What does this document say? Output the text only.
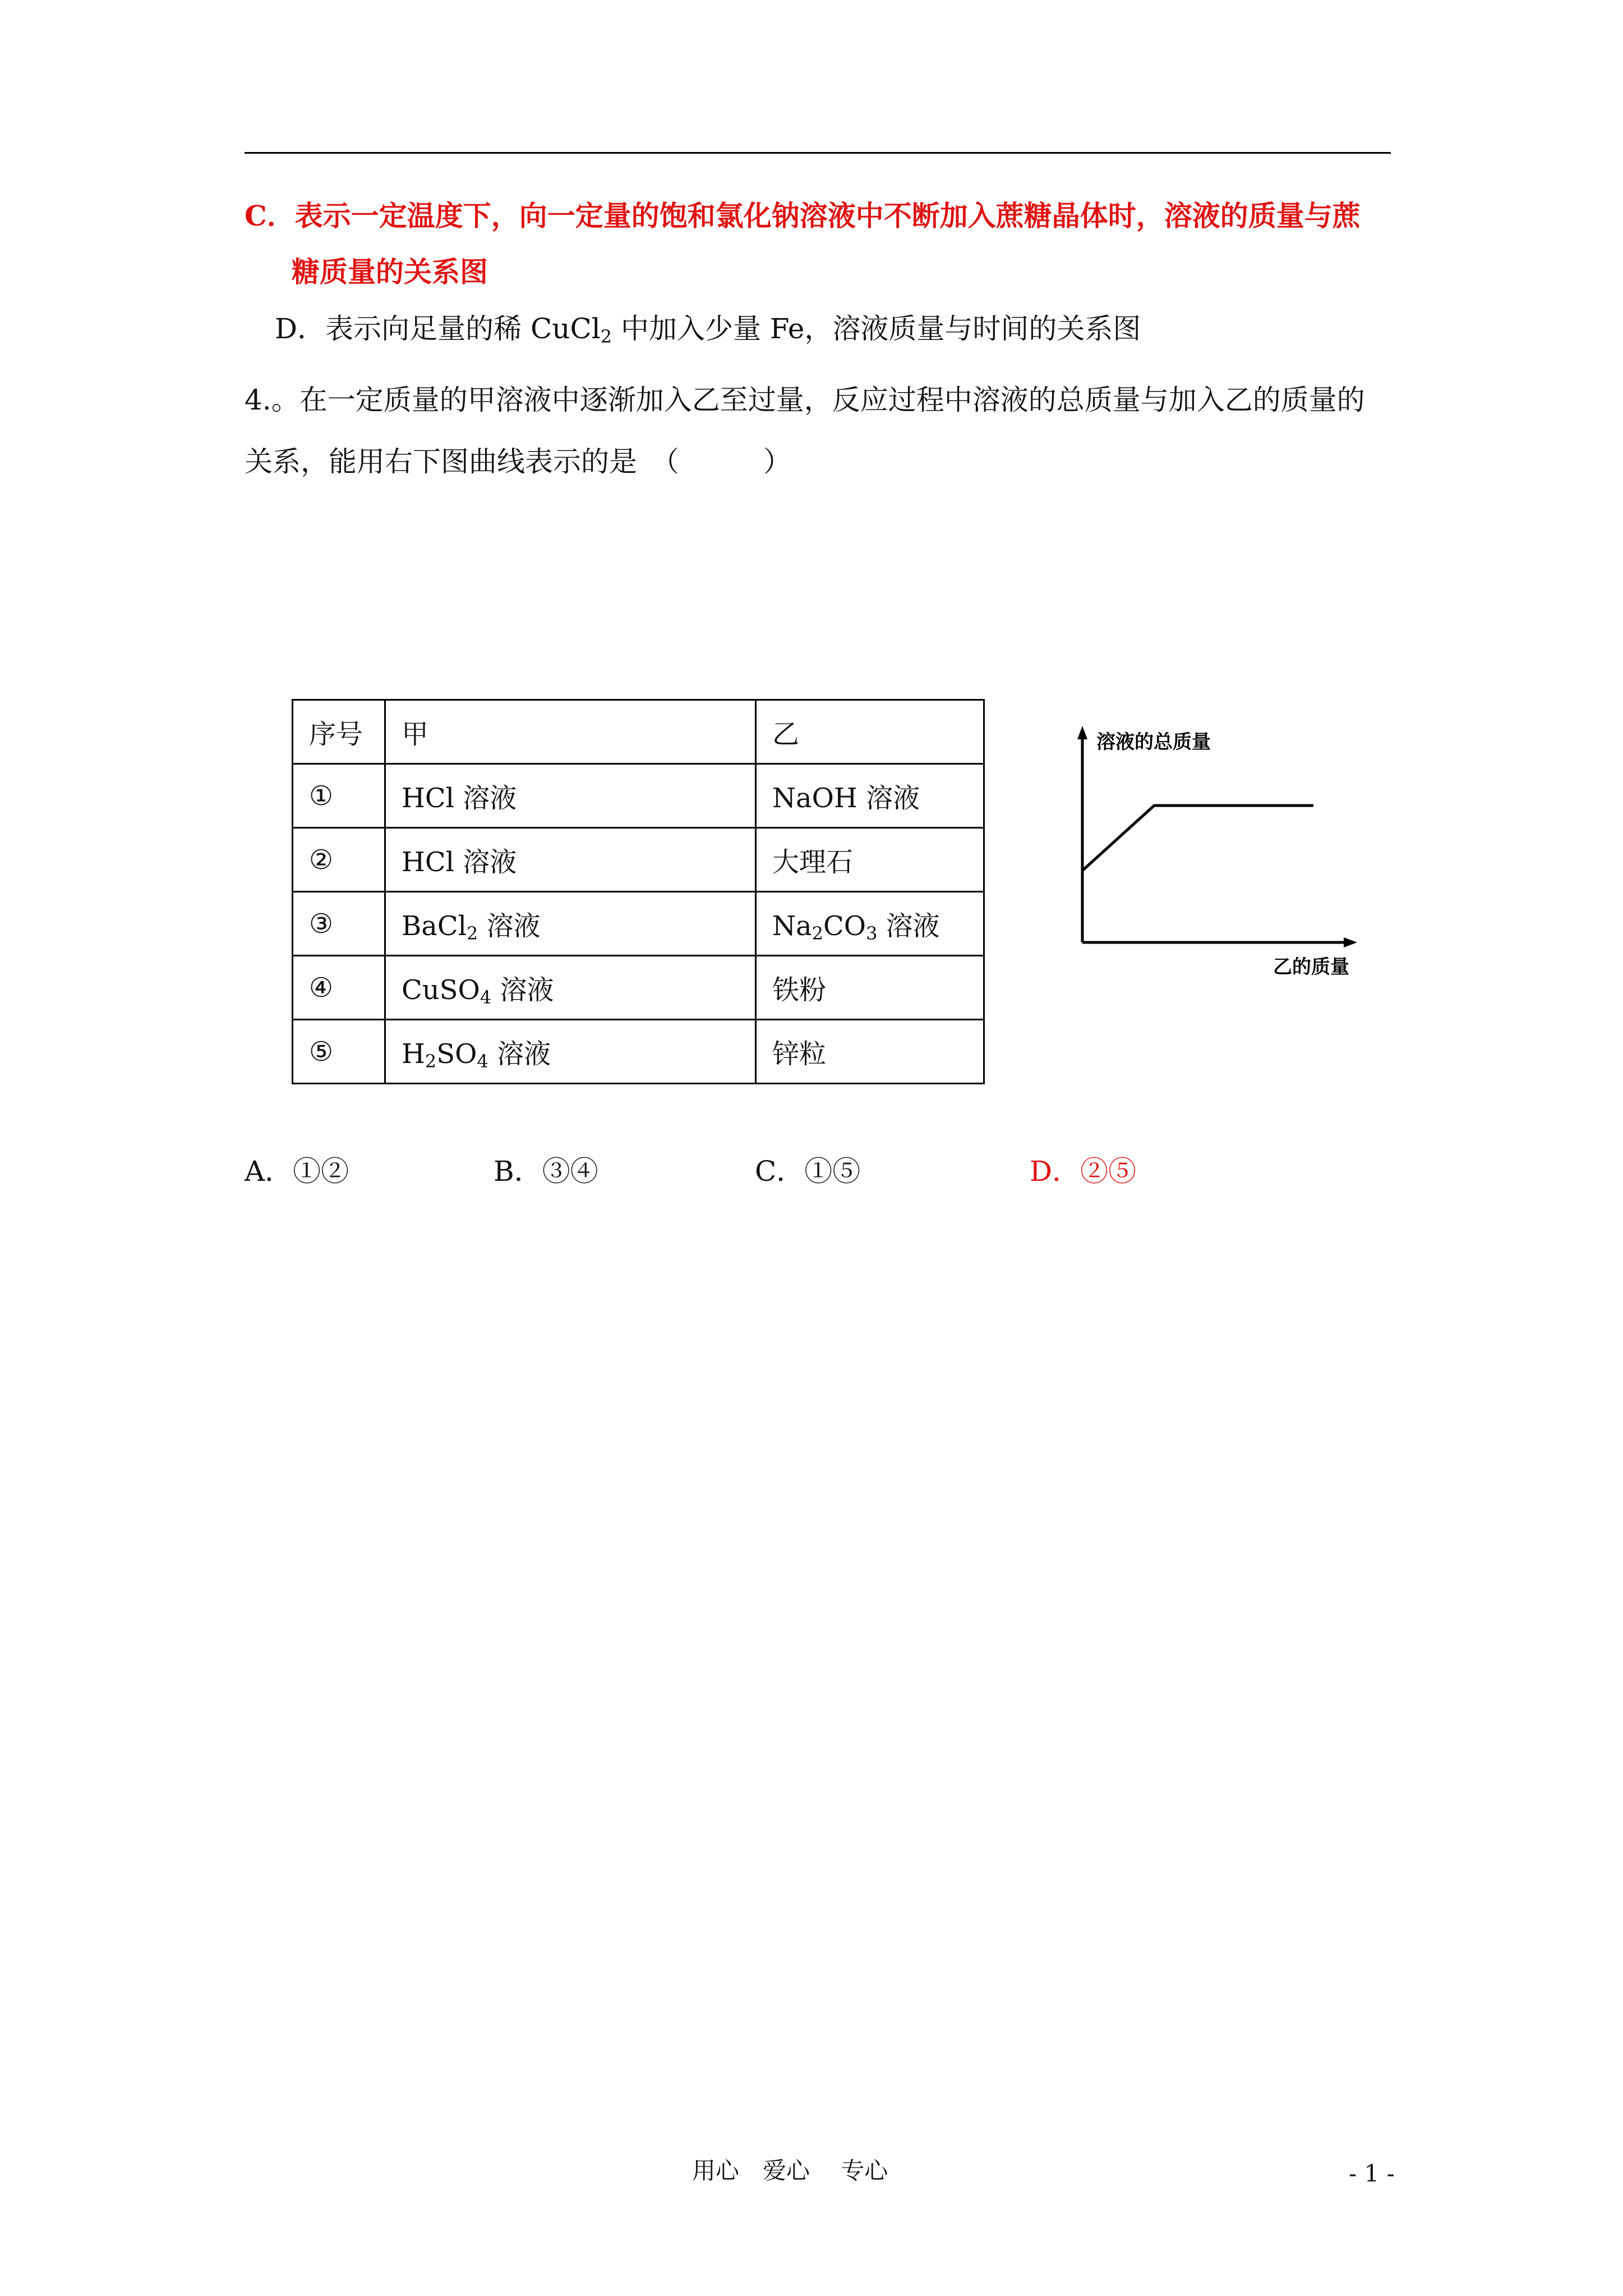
C．表示一定温度下，向一定量的饱和氯化钠溶液中不断加入蔗糖晶体时，溶液的质量与蔗
糖质量的关系图
D．表示向足量的稀 CuCl$_2$ 中加入少量 Fe，溶液质量与时间的关系图
4.。在一定质量的甲溶液中逐渐加入乙至过量，反应过程中溶液的总质量与加入乙的质量的
关系，能用右下图曲线表示的是　（　　　）
序号	甲	乙
①	HCl 溶液	NaOH 溶液
②	HCl 溶液	大理石
③	BaCl$_2$ 溶液	$Na_2CO_3$ 溶液
④	CuSO$_4$ 溶液	铁粉
⑤	$H_2SO_4$ 溶液	锌粒
溶液的总质量
乙的质量
A．①②	B．③④	C．①⑤	D．②⑤
用心　爱心　 专心	- 1 -
